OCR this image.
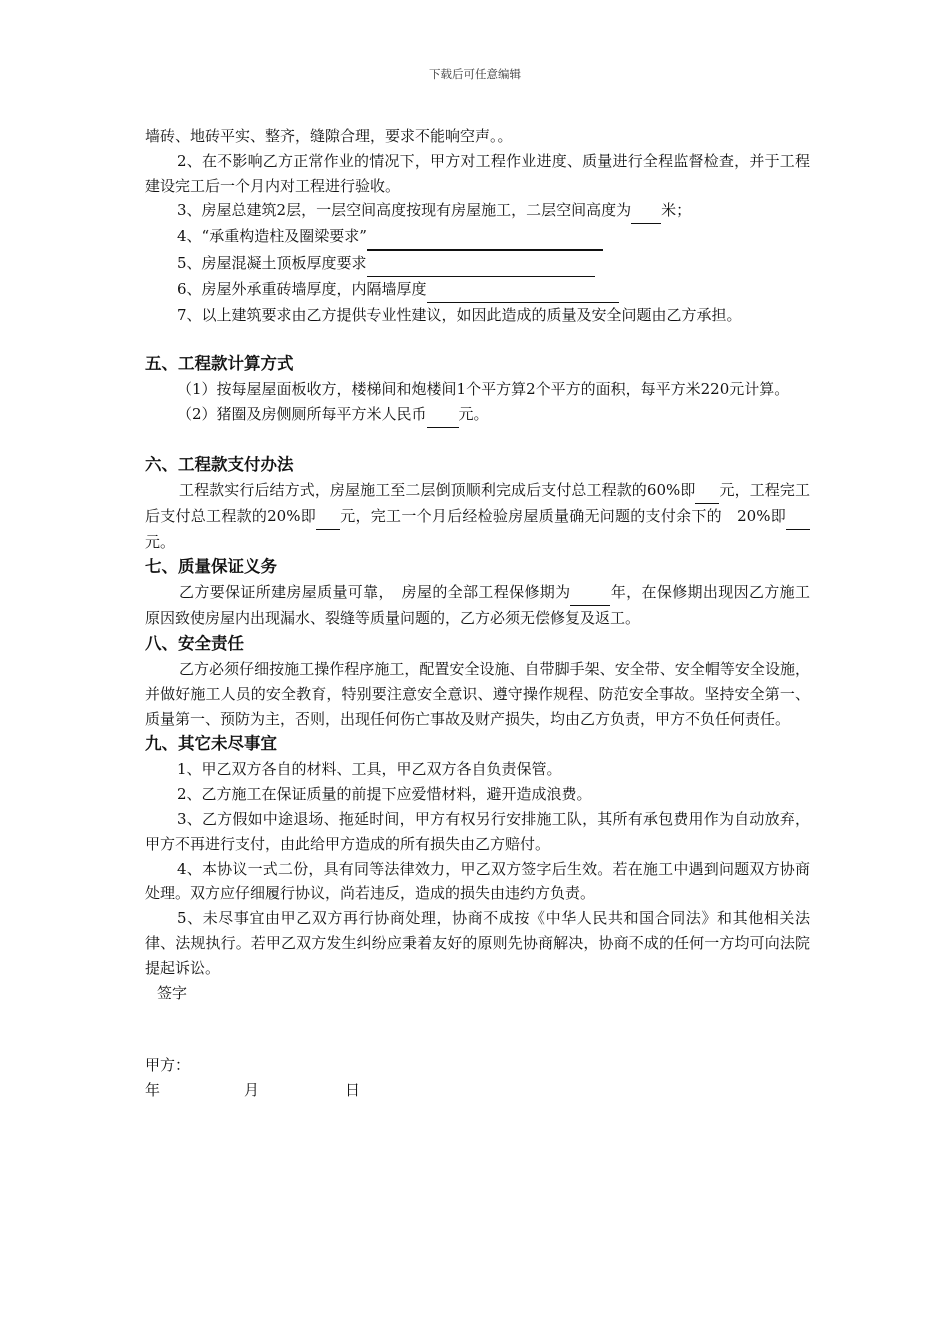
下载后可任意编辑

墙砖、地砖平实、整齐，缝隙合理，要求不能响空声。。

2、在不影响乙方正常作业的情况下，甲方对工程作业进度、质量进行全程监督检查，并于工程建设完工后一个月内对工程进行验收。

3、房屋总建筑2层，一层空间高度按现有房屋施工，二层空间高度为 米；

4、“承重构造柱及圈梁要求”

5、房屋混凝土顶板厚度要求

6、房屋外承重砖墙厚度，内隔墙厚度

7、以上建筑要求由乙方提供专业性建议，如因此造成的质量及安全问题由乙方承担。

五、工程款计算方式

（1）按每屋屋面板收方，楼梯间和炮楼间1个平方算2个平方的面积，每平方米220元计算。

（2）猪圈及房侧厕所每平方米人民币 元。

六、工程款支付办法

工程款实行后结方式，房屋施工至二层倒顶顺利完成后支付总工程款的60%即 元，工程完工后支付总工程款的20%即 元，完工一个月后经检验房屋质量确无问题的支付余下的　20%即 元。

七、质量保证义务

乙方要保证所建房屋质量可靠，　房屋的全部工程保修期为	年，在保修期出现因乙方施工原因致使房屋内出现漏水、裂缝等质量问题的，乙方必须无偿修复及返工。

八、安全责任

乙方必须仔细按施工操作程序施工，配置安全设施、自带脚手架、安全带、安全帽等安全设施，并做好施工人员的安全教育，特别要注意安全意识、遵守操作规程、防范安全事故。坚持安全第一、质量第一、预防为主，否则，出现任何伤亡事故及财产损失，均由乙方负责，甲方不负任何责任。

九、其它未尽事宜

1、甲乙双方各自的材料、工具，甲乙双方各自负责保管。

2、乙方施工在保证质量的前提下应爱惜材料，避开造成浪费。

3、乙方假如中途退场、拖延时间，甲方有权另行安排施工队，其所有承包费用作为自动放弃，甲方不再进行支付，由此给甲方造成的所有损失由乙方赔付。

4、本协议一式二份，具有同等法律效力，甲乙双方签字后生效。若在施工中遇到问题双方协商处理。双方应仔细履行协议，尚若违反，造成的损失由违约方负责。

5、未尽事宜由甲乙双方再行协商处理，协商不成按《中华人民共和国合同法》和其他相关法律、法规执行。若甲乙双方发生纠纷应秉着友好的原则先协商解决，协商不成的任何一方均可向法院提起诉讼。

签字

甲方：

年	月	日
